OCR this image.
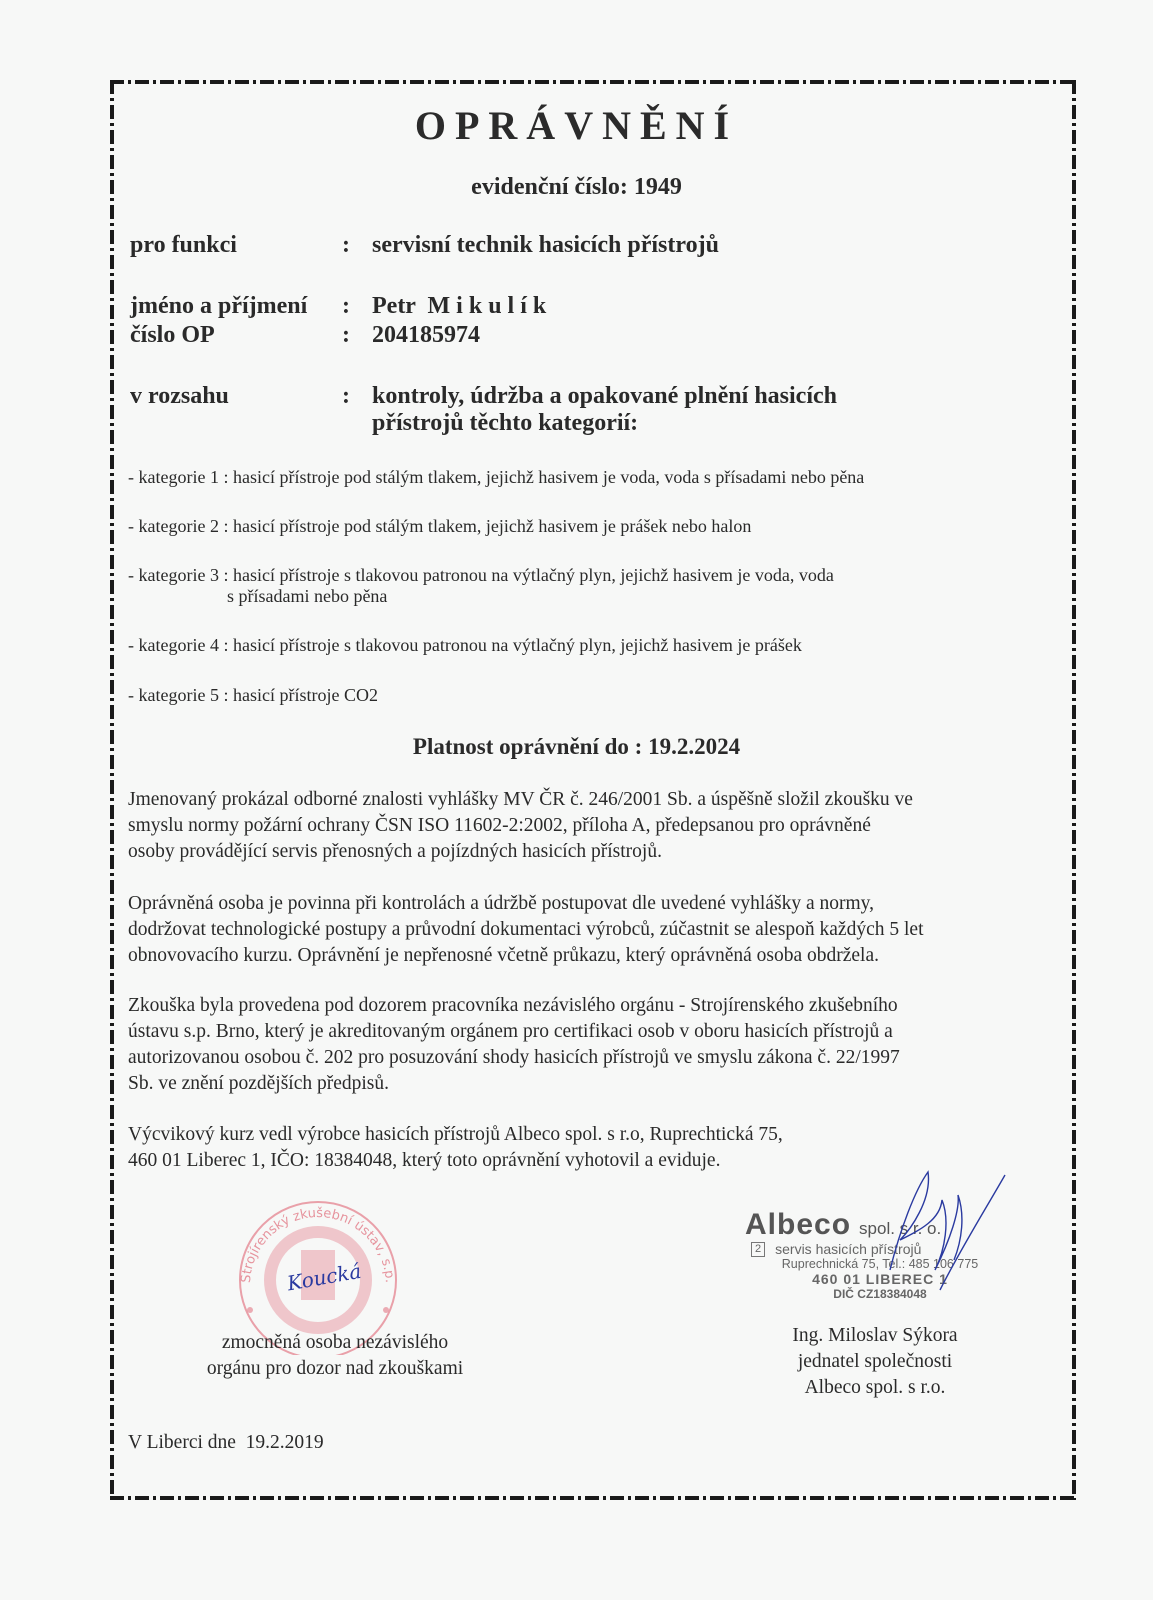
OPRÁVNĚNÍ
evidenční číslo: 1949
pro funkci	: servisní technik hasicích přístrojů
jméno a příjmení	: Petr  M i k u l í k
číslo OP	: 204185974
v rozsahu	: kontroly, údržba a opakované plnění hasicích
přístrojů těchto kategorií:
- kategorie 1 : hasicí přístroje pod stálým tlakem, jejichž hasivem je voda, voda s přísadami nebo pěna
- kategorie 2 : hasicí přístroje pod stálým tlakem, jejichž hasivem je prášek nebo halon
- kategorie 3 : hasicí přístroje s tlakovou patronou na výtlačný plyn, jejichž hasivem je voda, voda
s přísadami nebo pěna
- kategorie 4 : hasicí přístroje s tlakovou patronou na výtlačný plyn, jejichž hasivem je prášek
- kategorie 5 : hasicí přístroje CO2
Platnost oprávnění do : 19.2.2024
Jmenovaný prokázal odborné znalosti vyhlášky MV ČR č. 246/2001 Sb. a úspěšně složil zkoušku ve
smyslu normy požární ochrany ČSN ISO 11602-2:2002, příloha A, předepsanou pro oprávněné
osoby provádějící servis přenosných a pojízdných hasicích přístrojů.
Oprávněná osoba je povinna při kontrolách a údržbě postupovat dle uvedené vyhlášky a normy,
dodržovat technologické postupy a průvodní dokumentaci výrobců, zúčastnit se alespoň každých 5 let
obnovovacího kurzu. Oprávnění je nepřenosné včetně průkazu, který oprávněná osoba obdržela.
Zkouška byla provedena pod dozorem pracovníka nezávislého orgánu - Strojírenského zkušebního
ústavu s.p. Brno, který je akreditovaným orgánem pro certifikaci osob v oboru hasicích přístrojů a
autorizovanou osobou č. 202 pro posuzování shody hasicích přístrojů ve smyslu zákona č. 22/1997
Sb. ve znění pozdějších předpisů.
Výcvikový kurz vedl výrobce hasicích přístrojů Albeco spol. s r.o, Ruprechtická 75,
460 01 Liberec 1, IČO: 18384048, který toto oprávnění vyhotovil a eviduje.
Strojírenský zkušební ústav, s.p.
Koucká
zmocněná osoba nezávislého
orgánu pro dozor nad zkouškami
Albeco spol. s r. o.
2 servis hasicích přístrojů
Ruprechnická 75, Tel.: 485 106 775
460 01 LIBEREC 1
DIČ CZ18384048
Ing. Miloslav Sýkora
jednatel společnosti
Albeco spol. s r.o.
V Liberci dne  19.2.2019
